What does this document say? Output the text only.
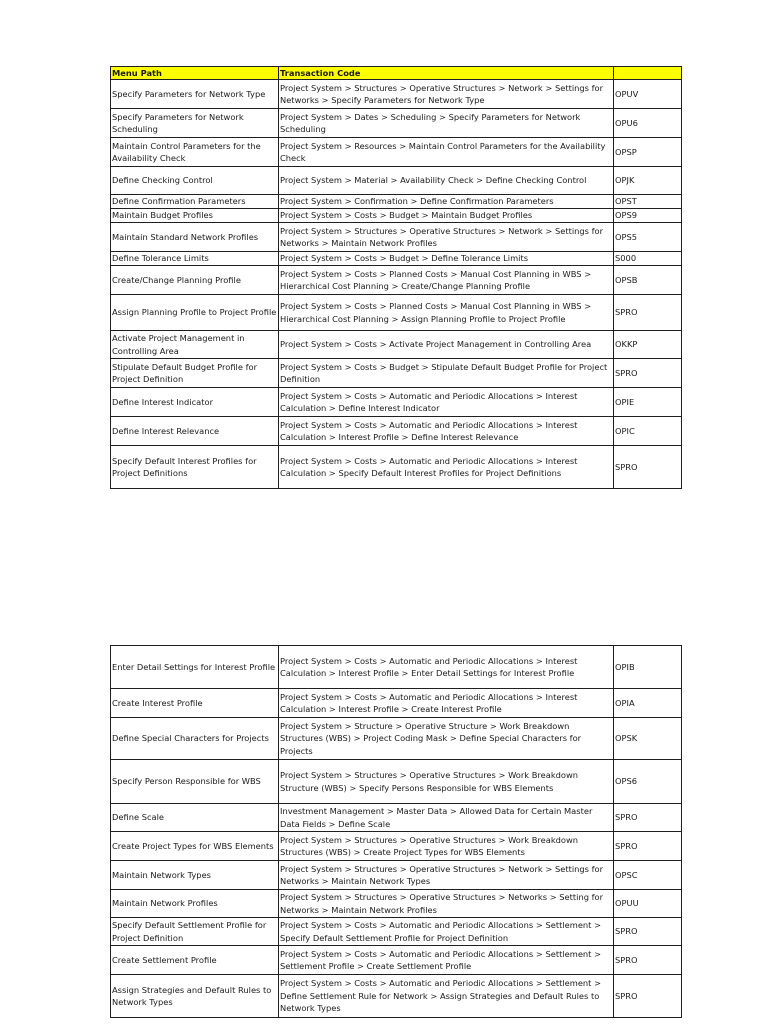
Menu Path	Transaction Code	
Specify Parameters for Network Type	Project System > Structures > Operative Structures > Network > Settings for Networks > Specify Parameters for Network Type	OPUV
Specify Parameters for Network Scheduling	Project System > Dates > Scheduling > Specify Parameters for Network Scheduling	OPU6
Maintain Control Parameters for the Availability Check	Project System > Resources > Maintain Control Parameters for the Availability Check	OPSP
Define Checking Control	Project System > Material > Availability Check > Define Checking Control	OPJK
Define Confirmation Parameters	Project System > Confirmation > Define Confirmation Parameters	OPST
Maintain Budget Profiles	Project System > Costs > Budget > Maintain Budget Profiles	OPS9
Maintain Standard Network Profiles	Project System > Structures > Operative Structures > Network > Settings for Networks > Maintain Network Profiles	OPS5
Define Tolerance Limits	Project System > Costs > Budget > Define Tolerance Limits	S000
Create/Change Planning Profile	Project System > Costs > Planned Costs > Manual Cost Planning in WBS > Hierarchical Cost Planning > Create/Change Planning Profile	OPSB
Assign Planning Profile to Project Profile	Project System > Costs > Planned Costs > Manual Cost Planning in WBS > Hierarchical Cost Planning > Assign Planning Profile to Project Profile	SPRO
Activate Project Management in Controlling Area	Project System > Costs > Activate Project Management in Controlling Area	OKKP
Stipulate Default Budget Profile for Project Definition	Project System > Costs > Budget > Stipulate Default Budget Profile for Project Definition	SPRO
Define Interest Indicator	Project System > Costs > Automatic and Periodic Allocations > Interest Calculation > Define Interest Indicator	OPIE
Define Interest Relevance	Project System > Costs > Automatic and Periodic Allocations > Interest Calculation > Interest Profile > Define Interest Relevance	OPIC
Specify Default Interest Profiles for Project Definitions	Project System > Costs > Automatic and Periodic Allocations > Interest Calculation > Specify Default Interest Profiles for Project Definitions	SPRO
Enter Detail Settings for Interest Profile	Project System > Costs > Automatic and Periodic Allocations > Interest Calculation > Interest Profile > Enter Detail Settings for Interest Profile	OPIB
Create Interest Profile	Project System > Costs > Automatic and Periodic Allocations > Interest Calculation > Interest Profile > Create Interest Profile	OPIA
Define Special Characters for Projects	Project System > Structure > Operative Structure > Work Breakdown Structures (WBS) > Project Coding Mask > Define Special Characters for Projects	OPSK
Specify Person Responsible for WBS	Project System > Structures > Operative Structures > Work Breakdown Structure (WBS) > Specify Persons Responsible for WBS Elements	OPS6
Define Scale	Investment Management > Master Data > Allowed Data for Certain Master Data Fields > Define Scale	SPRO
Create Project Types for WBS Elements	Project System > Structures > Operative Structures > Work Breakdown Structures (WBS) > Create Project Types for WBS Elements	SPRO
Maintain Network Types	Project System > Structures > Operative Structures > Network > Settings for Networks > Maintain Network Types	OPSC
Maintain Network Profiles	Project System > Structures > Operative Structures > Networks > Setting for Networks > Maintain Network Profiles	OPUU
Specify Default Settlement Profile for Project Definition	Project System > Costs > Automatic and Periodic Allocations > Settlement > Specify Default Settlement Profile for Project Definition	SPRO
Create Settlement Profile	Project System > Costs > Automatic and Periodic Allocations > Settlement > Settlement Profile > Create Settlement Profile	SPRO
Assign Strategies and Default Rules to Network Types	Project System > Costs > Automatic and Periodic Allocations > Settlement > Define Settlement Rule for Network > Assign Strategies and Default Rules to Network Types	SPRO
